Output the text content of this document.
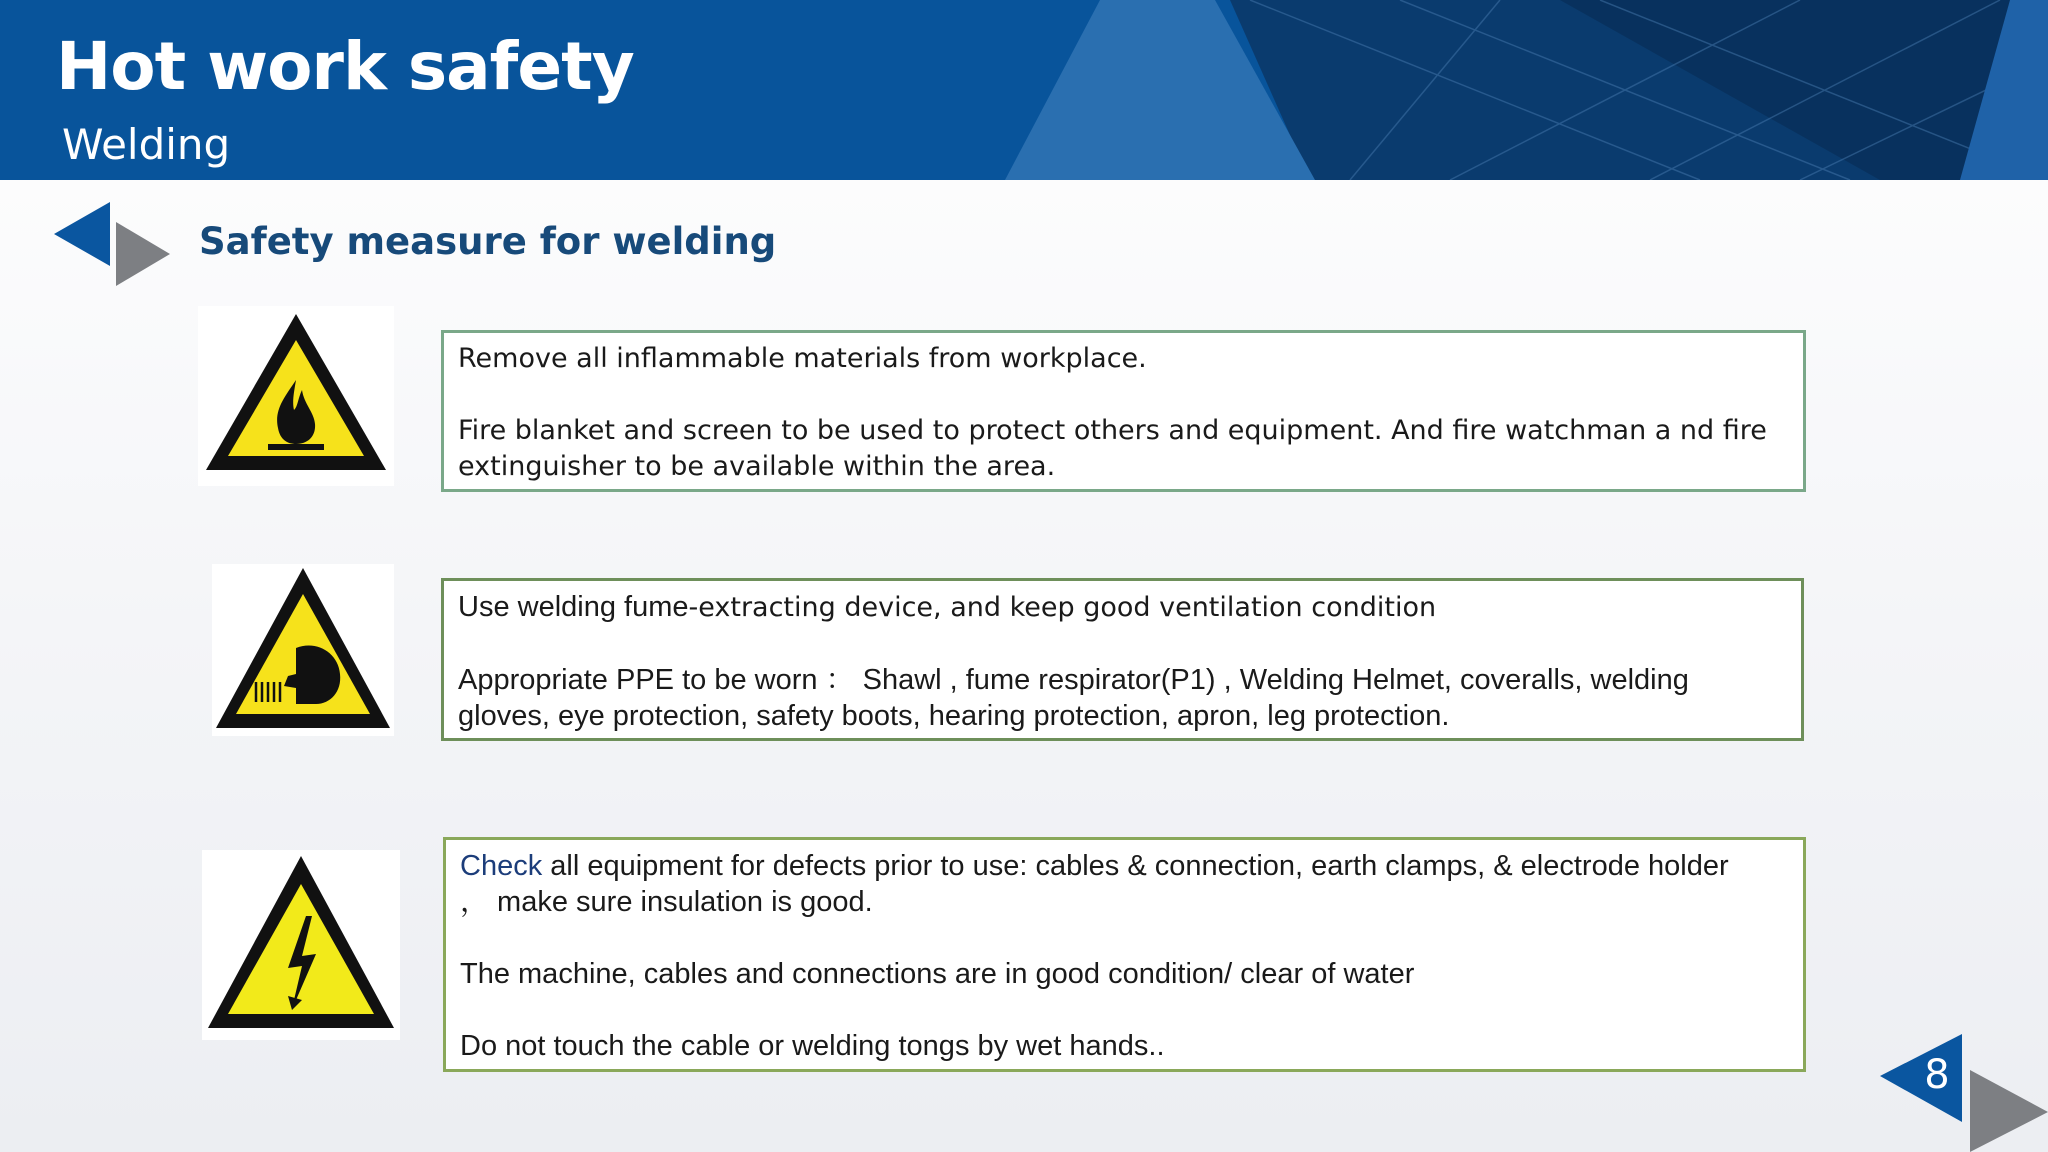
Hot work safety
Welding
Safety measure for welding

Remove all inflammable materials from workplace.

Fire blanket and screen to be used to protect others and equipment. And fire watchman a nd fire extinguisher to be available within the area.

Use welding fume-extracting device, and keep good ventilation condition

Appropriate PPE to be worn ： Shawl , fume respirator(P1) , Welding Helmet, coveralls, welding gloves, eye protection, safety boots, hearing protection, apron, leg protection.

Check all equipment for defects prior to use: cables & connection, earth clamps, & electrode holder

， make sure insulation is good.

The machine, cables and connections are in good condition/ clear of water

Do not touch the cable or welding tongs by wet hands..

8
